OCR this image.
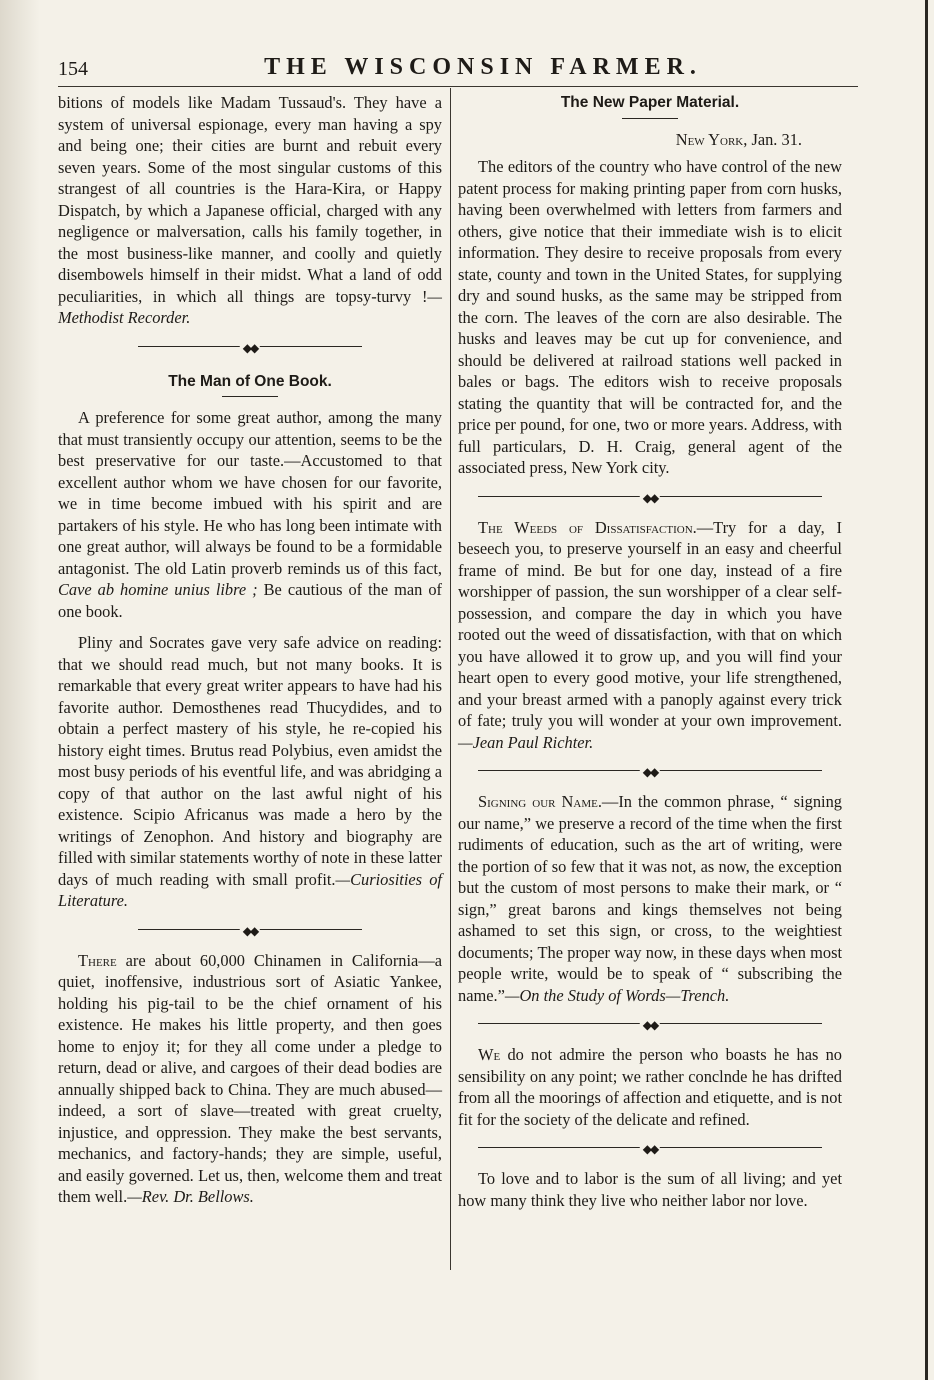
154	THE WISCONSIN FARMER.

bitions of models like Madam Tussaud's. They have a system of universal espionage, every man having a spy and being one; their cities are burnt and rebuit every seven years. Some of the most singular customs of this strangest of all countries is the Hara-Kira, or Happy Dispatch, by which a Japanese official, charged with any negligence or malversation, calls his family together, in the most business-like manner, and coolly and quietly disembowels himself in their midst. What a land of odd peculiarities, in which all things are topsy-turvy !—Methodist Recorder.

◆◆
The Man of One Book.

A preference for some great author, among the many that must transiently occupy our attention, seems to be the best preservative for our taste.—Accustomed to that excellent author whom we have chosen for our favorite, we in time become imbued with his spirit and are partakers of his style. He who has long been intimate with one great author, will always be found to be a formidable antagonist. The old Latin proverb reminds us of this fact, Cave ab homine unius libre ; Be cautious of the man of one book.

Pliny and Socrates gave very safe advice on reading: that we should read much, but not many books. It is remarkable that every great writer appears to have had his favorite author. Demosthenes read Thucydides, and to obtain a perfect mastery of his style, he re-copied his history eight times. Brutus read Polybius, even amidst the most busy periods of his eventful life, and was abridging a copy of that author on the last awful night of his existence. Scipio Africanus was made a hero by the writings of Zenophon. And history and biography are filled with similar statements worthy of note in these latter days of much reading with small profit.—Curiosities of Literature.

◆◆

There are about 60,000 Chinamen in California—a quiet, inoffensive, industrious sort of Asiatic Yankee, holding his pig-tail to be the chief ornament of his existence. He makes his little property, and then goes home to enjoy it; for they all come under a pledge to return, dead or alive, and cargoes of their dead bodies are annually shipped back to China. They are much abused—indeed, a sort of slave—treated with great cruelty, injustice, and oppression. They make the best servants, mechanics, and factory-hands; they are simple, useful, and easily governed. Let us, then, welcome them and treat them well.—Rev. Dr. Bellows.

The New Paper Material.
New York, Jan. 31.

The editors of the country who have control of the new patent process for making printing paper from corn husks, having been overwhelmed with letters from farmers and others, give notice that their immediate wish is to elicit information. They desire to receive proposals from every state, county and town in the United States, for supplying dry and sound husks, as the same may be stripped from the corn. The leaves of the corn are also desirable. The husks and leaves may be cut up for convenience, and should be delivered at railroad stations well packed in bales or bags. The editors wish to receive proposals stating the quantity that will be contracted for, and the price per pound, for one, two or more years. Address, with full particulars, D. H. Craig, general agent of the associated press, New York city.

◆◆

The Weeds of Dissatisfaction.—Try for a day, I beseech you, to preserve yourself in an easy and cheerful frame of mind. Be but for one day, instead of a fire worshipper of passion, the sun worshipper of a clear self-possession, and compare the day in which you have rooted out the weed of dissatisfaction, with that on which you have allowed it to grow up, and you will find your heart open to every good motive, your life strengthened, and your breast armed with a panoply against every trick of fate; truly you will wonder at your own improvement.—Jean Paul Richter.

◆◆

Signing our Name.—In the common phrase, “ signing our name,” we preserve a record of the time when the first rudiments of education, such as the art of writing, were the portion of so few that it was not, as now, the exception but the custom of most persons to make their mark, or “ sign,” great barons and kings themselves not being ashamed to set this sign, or cross, to the weightiest documents; The proper way now, in these days when most people write, would be to speak of “ subscribing the name.”—On the Study of Words—Trench.

◆◆

We do not admire the person who boasts he has no sensibility on any point; we rather conclnde he has drifted from all the moorings of affection and etiquette, and is not fit for the society of the delicate and refined.

◆◆

To love and to labor is the sum of all living; and yet how many think they live who neither labor nor love.
